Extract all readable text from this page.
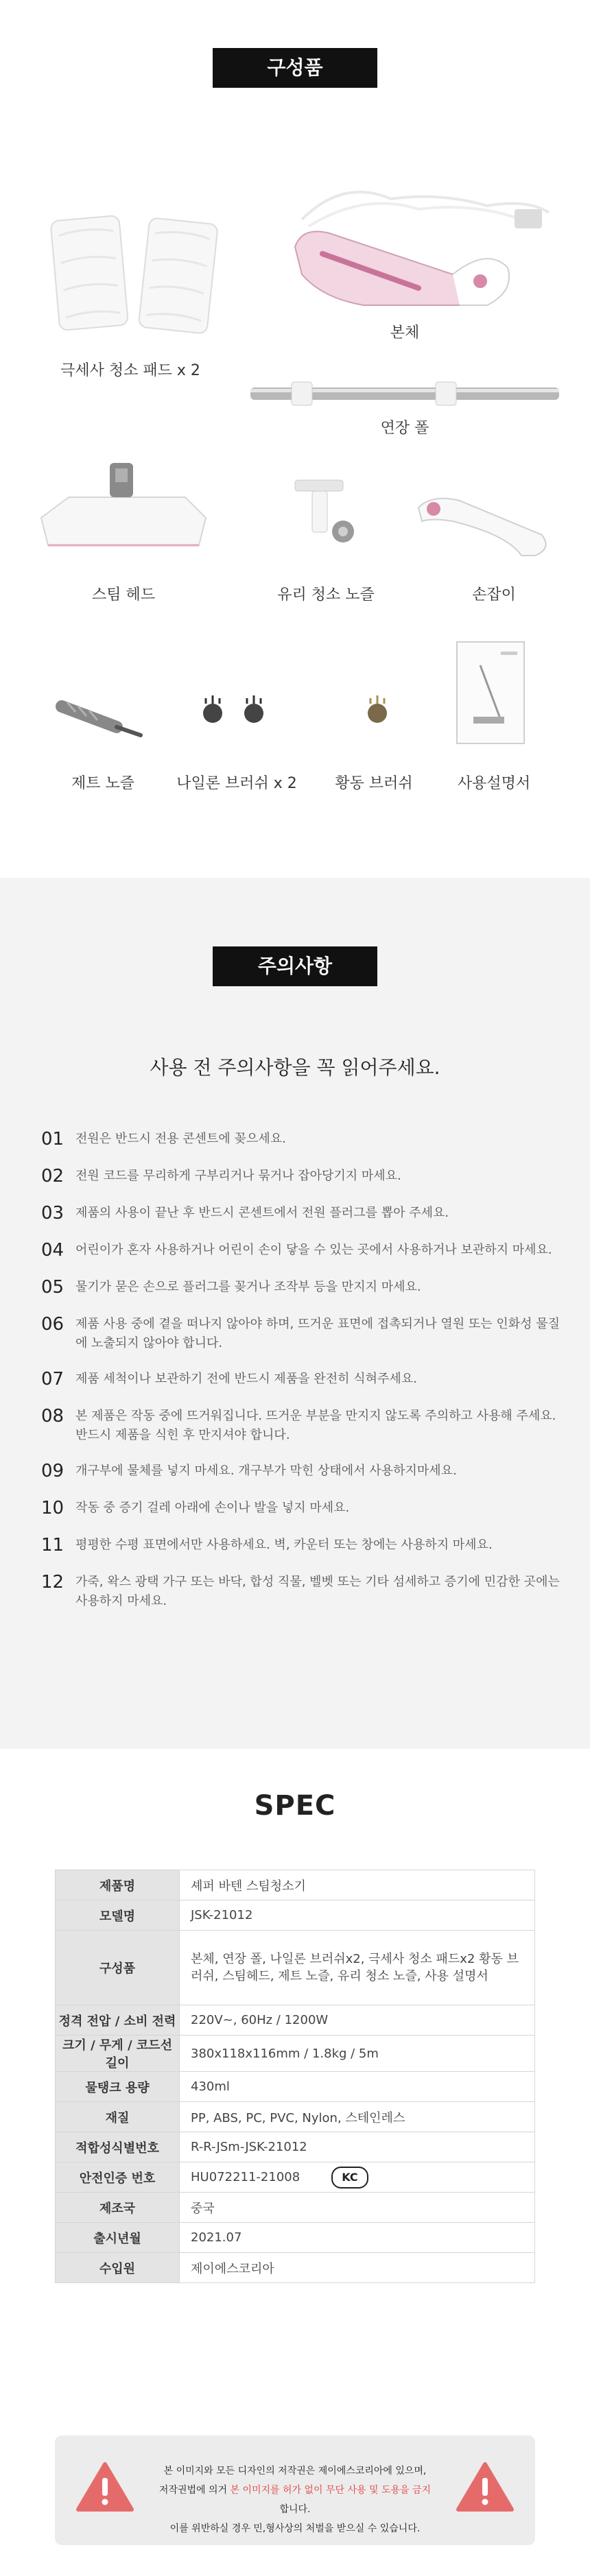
구성품
극세사 청소 패드 x 2
본체
연장 폴
스팀 헤드	유리 청소 노즐	손잡이
제트 노즐	나일론 브러쉬 x 2	황동 브러쉬	사용설명서
주의사항
사용 전 주의사항을 꼭 읽어주세요.
01 전원은 반드시 전용 콘센트에 꽂으세요.
02 전원 코드를 무리하게 구부리거나 묶거나 잡아당기지 마세요.
03 제품의 사용이 끝난 후 반드시 콘센트에서 전원 플러그를 뽑아 주세요.
04 어린이가 혼자 사용하거나 어린이 손이 닿을 수 있는 곳에서 사용하거나 보관하지 마세요.
05 물기가 묻은 손으로 플러그를 꽂거나 조작부 등을 만지지 마세요.
06 제품 사용 중에 곁을 떠나지 않아야 하며, 뜨거운 표면에 접촉되거나 열원 또는 인화성 물질에 노출되지 않아야 합니다.
07 제품 세척이나 보관하기 전에 반드시 제품을 완전히 식혀주세요.
08 본 제품은 작동 중에 뜨거워집니다. 뜨거운 부분을 만지지 않도록 주의하고 사용해 주세요. 반드시 제품을 식힌 후 만지셔야 합니다.
09 개구부에 물체를 넣지 마세요. 개구부가 막힌 상태에서 사용하지마세요.
10 작동 중 증기 걸레 아래에 손이나 발을 넣지 마세요.
11 평평한 수평 표면에서만 사용하세요. 벽, 카운터 또는 창에는 사용하지 마세요.
12 가죽, 왁스 광택 가구 또는 바닥, 합성 직물, 벨벳 또는 기타 섬세하고 증기에 민감한 곳에는 사용하지 마세요.
SPEC
제품명	셰퍼 바텐 스팀청소기
모델명	JSK-21012
구성품	본체, 연장 폴, 나일론 브러쉬x2, 극세사 청소 패드x2 황동 브러쉬, 스팀헤드, 제트 노즐, 유리 청소 노즐, 사용 설명서
정격 전압 / 소비 전력	220V~, 60Hz / 1200W
크기 / 무게 / 코드선 길이	380x118x116mm / 1.8kg / 5m
물탱크 용량	430ml
재질	PP, ABS, PC, PVC, Nylon, 스테인레스
적합성식별번호	R-R-JSm-JSK-21012
안전인증 번호	HU072211-21008 KC
제조국	중국
출시년월	2021.07
수입원	제이에스코리아
본 이미지와 모든 디자인의 저작권은 제이에스코리아에 있으며,
저작권법에 의거 본 이미지를 허가 없이 무단 사용 및 도용을 금지 합니다.
이를 위반하실 경우 민,형사상의 처벌을 받으실 수 있습니다.
